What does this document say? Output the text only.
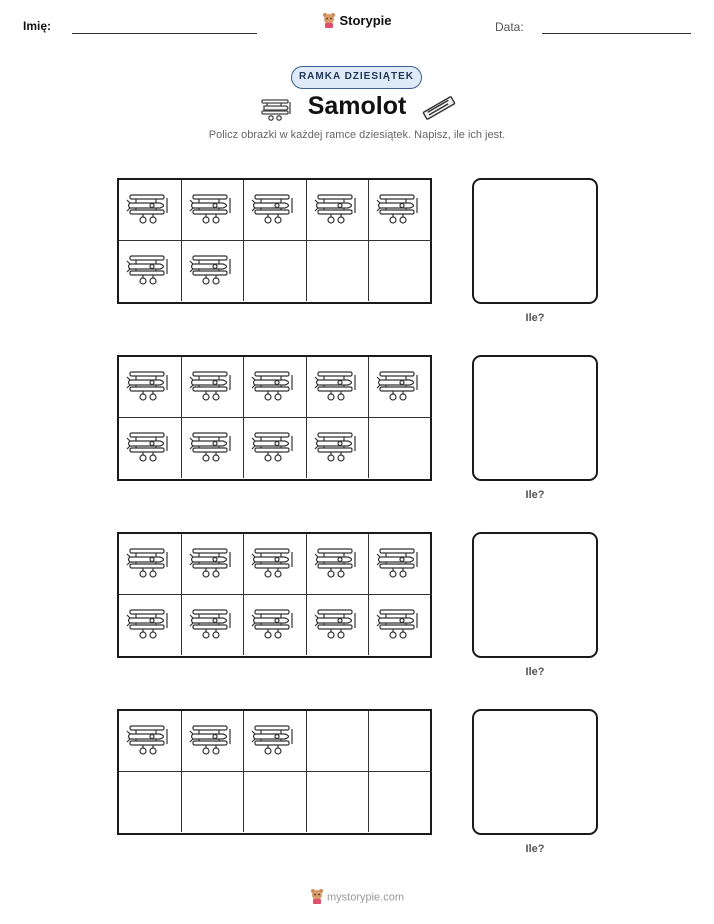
Imię:	Storypie	Data:
RAMKA DZIESIĄTEK
Samolot
Policz obrazki w każdej ramce dziesiątek. Napisz, ile ich jest.
Ile?
Ile?
Ile?
Ile?
mystorypie.com
